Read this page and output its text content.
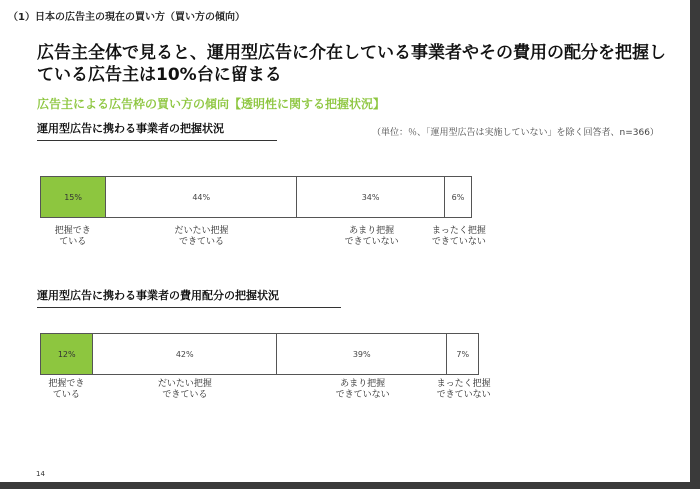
（1）日本の広告主の現在の買い方（買い方の傾向）
広告主全体で見ると、運用型広告に介在している事業者やその費用の配分を把握している広告主は10%台に留まる
広告主による広告枠の買い方の傾向【透明性に関する把握状況】
運用型広告に携わる事業者の把握状況	（単位：％、「運用型広告は実施していない」を除く回答者、n=366）
15%	44%	34%	6%
把握でき
ている
だいたい把握
できている
あまり把握
できていない
まったく把握
できていない
運用型広告に携わる事業者の費用配分の把握状況
12%	42%	39%	7%
把握でき
ている
だいたい把握
できている
あまり把握
できていない
まったく把握
できていない
14
